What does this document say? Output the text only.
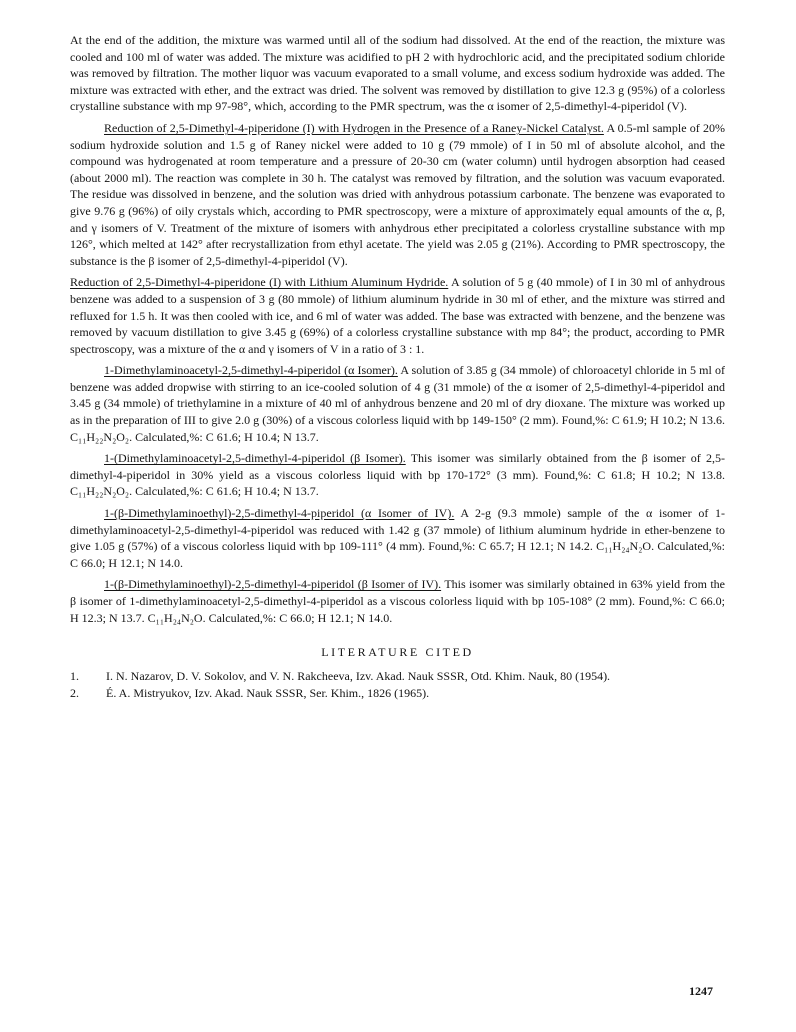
At the end of the addition, the mixture was warmed until all of the sodium had dissolved. At the end of the reaction, the mixture was cooled and 100 ml of water was added. The mixture was acidified to pH 2 with hydrochloric acid, and the precipitated sodium chloride was removed by filtration. The mother liquor was vacuum evaporated to a small volume, and excess sodium hydroxide was added. The mixture was extracted with ether, and the extract was dried. The solvent was removed by distillation to give 12.3 g (95%) of a colorless crystalline substance with mp 97-98°, which, according to the PMR spectrum, was the α isomer of 2,5-dimethyl-4-piperidol (V).

Reduction of 2,5-Dimethyl-4-piperidone (I) with Hydrogen in the Presence of a Raney-Nickel Catalyst. A 0.5-ml sample of 20% sodium hydroxide solution and 1.5 g of Raney nickel were added to 10 g (79 mmole) of I in 50 ml of absolute alcohol, and the compound was hydrogenated at room temperature and a pressure of 20-30 cm (water column) until hydrogen absorption had ceased (about 2000 ml). The reaction was complete in 30 h. The catalyst was removed by filtration, and the solution was vacuum evaporated. The residue was dissolved in benzene, and the solution was dried with anhydrous potassium carbonate. The benzene was evaporated to give 9.76 g (96%) of oily crystals which, according to PMR spectroscopy, were a mixture of approximately equal amounts of the α, β, and γ isomers of V. Treatment of the mixture of isomers with anhydrous ether precipitated a colorless crystalline substance with mp 126°, which melted at 142° after recrystallization from ethyl acetate. The yield was 2.05 g (21%). According to PMR spectroscopy, the substance is the β isomer of 2,5-dimethyl-4-piperidol (V).

Reduction of 2,5-Dimethyl-4-piperidone (I) with Lithium Aluminum Hydride. A solution of 5 g (40 mmole) of I in 30 ml of anhydrous benzene was added to a suspension of 3 g (80 mmole) of lithium aluminum hydride in 30 ml of ether, and the mixture was stirred and refluxed for 1.5 h. It was then cooled with ice, and 6 ml of water was added. The base was extracted with benzene, and the benzene was removed by vacuum distillation to give 3.45 g (69%) of a colorless crystalline substance with mp 84°; the product, according to PMR spectroscopy, was a mixture of the α and γ isomers of V in a ratio of 3 : 1.

1-Dimethylaminoacetyl-2,5-dimethyl-4-piperidol (α Isomer). A solution of 3.85 g (34 mmole) of chloroacetyl chloride in 5 ml of benzene was added dropwise with stirring to an ice-cooled solution of 4 g (31 mmole) of the α isomer of 2,5-dimethyl-4-piperidol and 3.45 g (34 mmole) of triethylamine in a mixture of 40 ml of anhydrous benzene and 20 ml of dry dioxane. The mixture was worked up as in the preparation of III to give 2.0 g (30%) of a viscous colorless liquid with bp 149-150° (2 mm). Found,%: C 61.9; H 10.2; N 13.6. C₁₁H₂₂N₂O₂. Calculated,%: C 61.6; H 10.4; N 13.7.

1-(Dimethylaminoacetyl-2,5-dimethyl-4-piperidol (β Isomer). This isomer was similarly obtained from the β isomer of 2,5-dimethyl-4-piperidol in 30% yield as a viscous colorless liquid with bp 170-172° (3 mm). Found,%: C 61.8; H 10.2; N 13.8. C₁₁H₂₂N₂O₂. Calculated,%: C 61.6; H 10.4; N 13.7.

1-(β-Dimethylaminoethyl)-2,5-dimethyl-4-piperidol (α Isomer of IV). A 2-g (9.3 mmole) sample of the α isomer of 1-dimethylaminoacetyl-2,5-dimethyl-4-piperidol was reduced with 1.42 g (37 mmole) of lithium aluminum hydride in ether-benzene to give 1.05 g (57%) of a viscous colorless liquid with bp 109-111° (4 mm). Found,%: C 65.7; H 12.1; N 14.2. C₁₁H₂₄N₂O. Calculated,%: C 66.0; H 12.1; N 14.0.

1-(β-Dimethylaminoethyl)-2,5-dimethyl-4-piperidol (β Isomer of IV). This isomer was similarly obtained in 63% yield from the β isomer of 1-dimethylaminoacetyl-2,5-dimethyl-4-piperidol as a viscous colorless liquid with bp 105-108° (2 mm). Found,%: C 66.0; H 12.3; N 13.7. C₁₁H₂₄N₂O. Calculated,%: C 66.0; H 12.1; N 14.0.

LITERATURE CITED
1.	I. N. Nazarov, D. V. Sokolov, and V. N. Rakcheeva, Izv. Akad. Nauk SSSR, Otd. Khim. Nauk, 80 (1954).
2.	É. A. Mistryukov, Izv. Akad. Nauk SSSR, Ser. Khim., 1826 (1965).
1247
